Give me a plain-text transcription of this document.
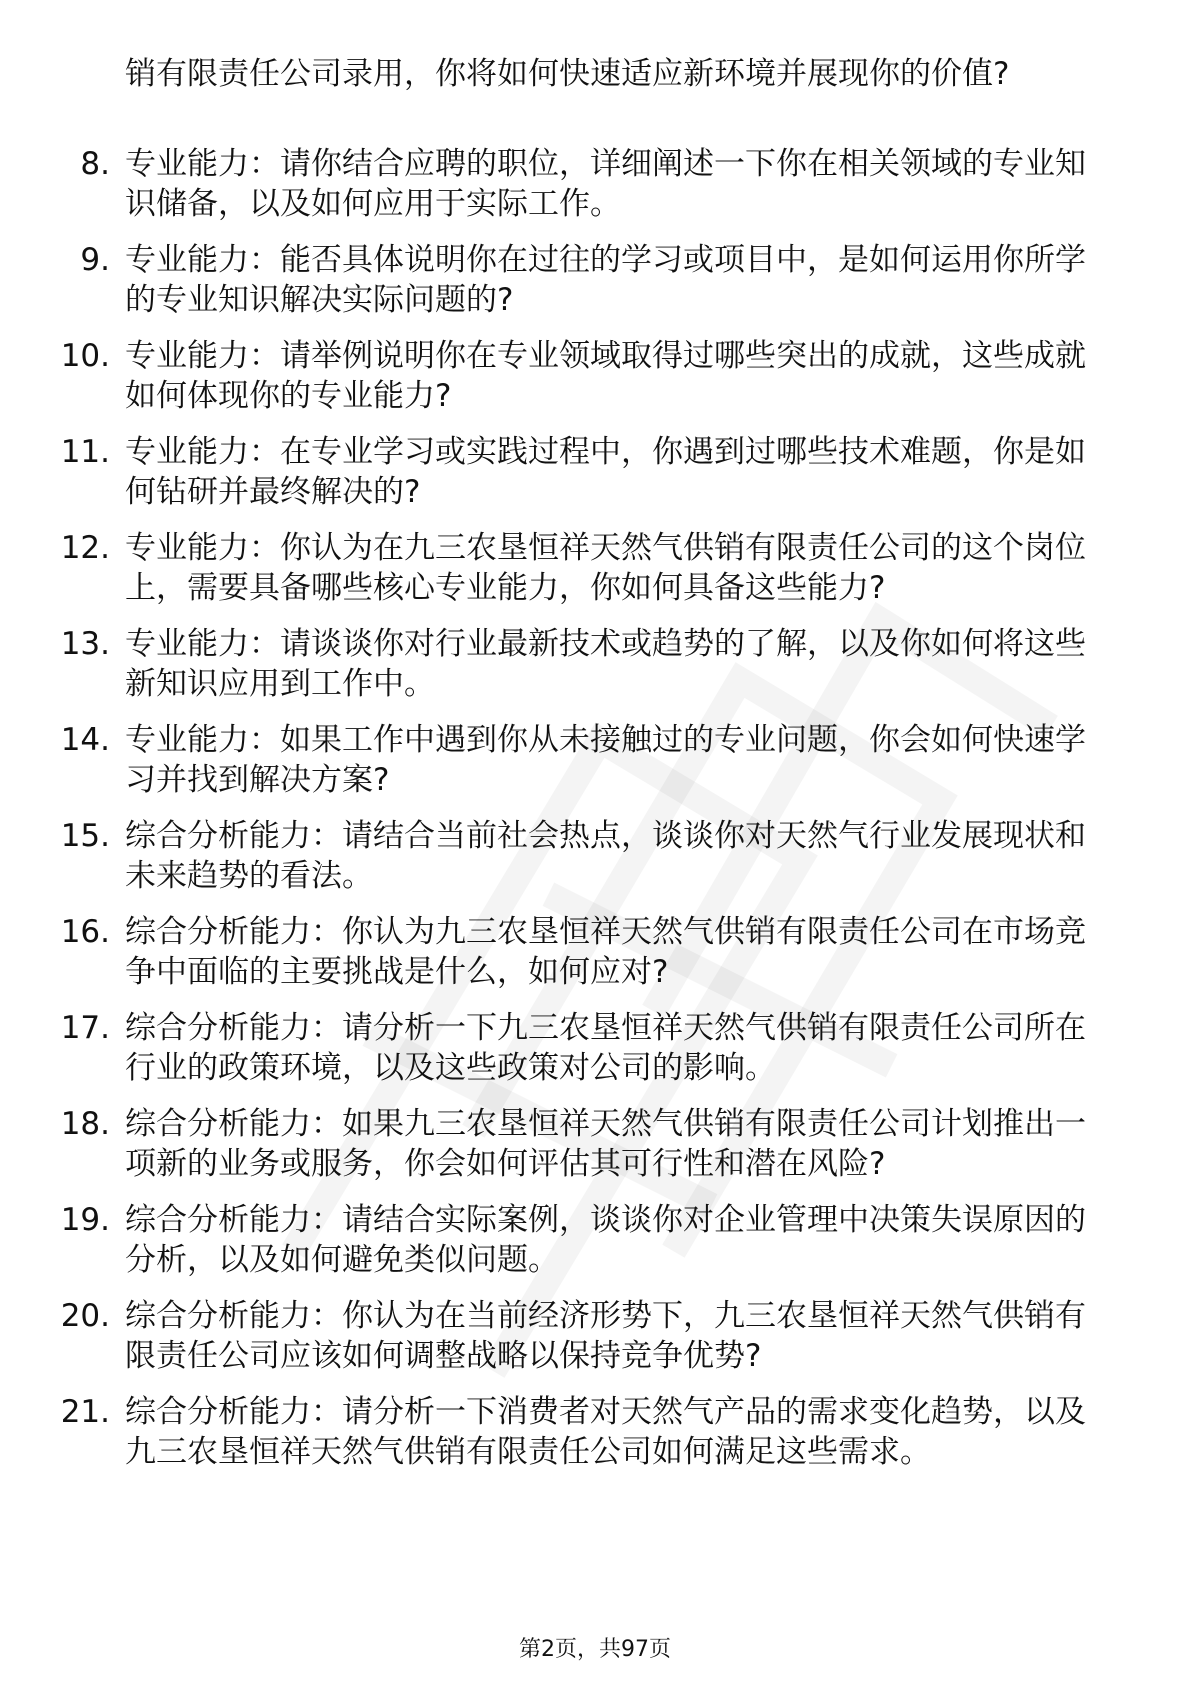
销有限责任公司录用，你将如何快速适应新环境并展现你的价值?

8. 专业能力：请你结合应聘的职位，详细阐述一下你在相关领域的专业知识储备，以及如何应用于实际工作。

9. 专业能力：能否具体说明你在过往的学习或项目中，是如何运用你所学的专业知识解决实际问题的?

10. 专业能力：请举例说明你在专业领域取得过哪些突出的成就，这些成就如何体现你的专业能力?

11. 专业能力：在专业学习或实践过程中，你遇到过哪些技术难题，你是如何钻研并最终解决的?

12. 专业能力：你认为在九三农垦恒祥天然气供销有限责任公司的这个岗位上，需要具备哪些核心专业能力，你如何具备这些能力?

13. 专业能力：请谈谈你对行业最新技术或趋势的了解，以及你如何将这些新知识应用到工作中。

14. 专业能力：如果工作中遇到你从未接触过的专业问题，你会如何快速学习并找到解决方案?

15. 综合分析能力：请结合当前社会热点，谈谈你对天然气行业发展现状和未来趋势的看法。

16. 综合分析能力：你认为九三农垦恒祥天然气供销有限责任公司在市场竞争中面临的主要挑战是什么，如何应对?

17. 综合分析能力：请分析一下九三农垦恒祥天然气供销有限责任公司所在行业的政策环境，以及这些政策对公司的影响。

18. 综合分析能力：如果九三农垦恒祥天然气供销有限责任公司计划推出一项新的业务或服务，你会如何评估其可行性和潜在风险?

19. 综合分析能力：请结合实际案例，谈谈你对企业管理中决策失误原因的分析，以及如何避免类似问题。

20. 综合分析能力：你认为在当前经济形势下，九三农垦恒祥天然气供销有限责任公司应该如何调整战略以保持竞争优势?

21. 综合分析能力：请分析一下消费者对天然气产品的需求变化趋势，以及九三农垦恒祥天然气供销有限责任公司如何满足这些需求。

第2页，共97页
